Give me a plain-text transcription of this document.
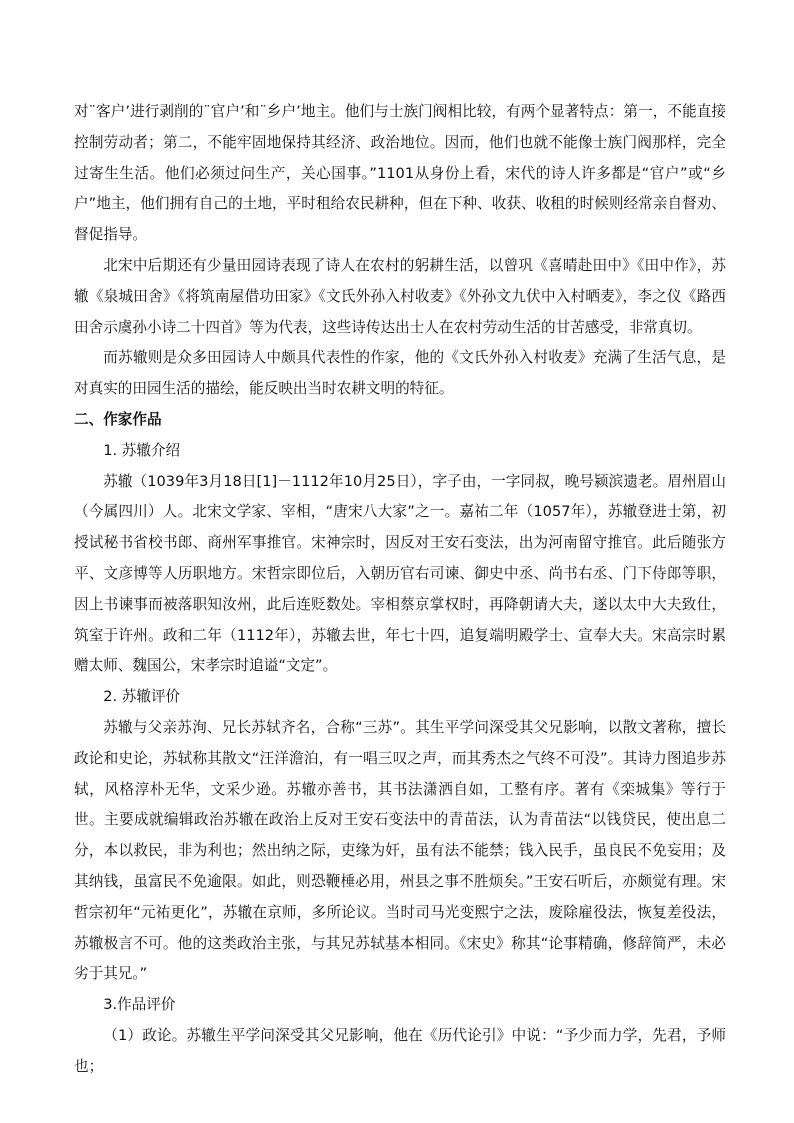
对¨客户’进行剥削的¨官户’和¨乡户’地主。他们与士族门阀相比较，有两个显著特点：第一，不能直接控制劳动者；第二，不能牢固地保持其经济、政治地位。因而，他们也就不能像士族门阀那样，完全过寄生生活。他们必须过问生产，关心国事。”1101从身份上看，宋代的诗人许多都是“官户”或“乡户”地主，他们拥有自己的土地，平时租给农民耕种，但在下种、收获、收租的时候则经常亲自督劝、督促指导。

北宋中后期还有少量田园诗表现了诗人在农村的躬耕生活，以曾巩《喜晴赴田中》《田中作》，苏辙《泉城田舍》《将筑南屋借功田家》《文氏外孙入村收麦》《外孙文九伏中入村晒麦》，李之仪《路西田舍示虞孙小诗二十四首》等为代表，这些诗传达出士人在农村劳动生活的甘苦感受，非常真切。

而苏辙则是众多田园诗人中颇具代表性的作家，他的《文氏外孙入村收麦》充满了生活气息，是对真实的田园生活的描绘，能反映出当时农耕文明的特征。

二、作家作品

1. 苏辙介绍

苏辙（1039年3月18日[1]－1112年10月25日），字子由，一字同叔，晚号颍滨遗老。眉州眉山（今属四川）人。北宋文学家、宰相，“唐宋八大家”之一。嘉祐二年（1057年），苏辙登进士第，初授试秘书省校书郎、商州军事推官。宋神宗时，因反对王安石变法，出为河南留守推官。此后随张方平、文彦博等人历职地方。宋哲宗即位后，入朝历官右司谏、御史中丞、尚书右丞、门下侍郎等职，因上书谏事而被落职知汝州，此后连贬数处。宰相蔡京掌权时，再降朝请大夫，遂以太中大夫致仕，筑室于许州。政和二年（1112年），苏辙去世，年七十四，追复端明殿学士、宣奉大夫。宋高宗时累赠太师、魏国公，宋孝宗时追谥“文定”。

2. 苏辙评价

苏辙与父亲苏洵、兄长苏轼齐名，合称“三苏”。其生平学问深受其父兄影响，以散文著称，擅长政论和史论，苏轼称其散文“汪洋澹泊，有一唱三叹之声，而其秀杰之气终不可没”。其诗力图追步苏轼，风格淳朴无华，文采少逊。苏辙亦善书，其书法潇洒自如，工整有序。著有《栾城集》等行于世。主要成就编辑政治苏辙在政治上反对王安石变法中的青苗法，认为青苗法“以钱贷民，使出息二分，本以救民，非为利也；然出纳之际，吏缘为奸，虽有法不能禁；钱入民手，虽良民不免妄用；及其纳钱，虽富民不免逾限。如此，则恐鞭棰必用，州县之事不胜烦矣。”王安石听后，亦颇觉有理。宋哲宗初年“元祐更化”，苏辙在京师，多所论议。当时司马光变熙宁之法，废除雇役法，恢复差役法，苏辙极言不可。他的这类政治主张，与其兄苏轼基本相同。《宋史》称其“论事精确，修辞简严，未必劣于其兄。”

3.作品评价

（1）政论。苏辙生平学问深受其父兄影响，他在《历代论引》中说：“予少而力学，先君，予师也；
